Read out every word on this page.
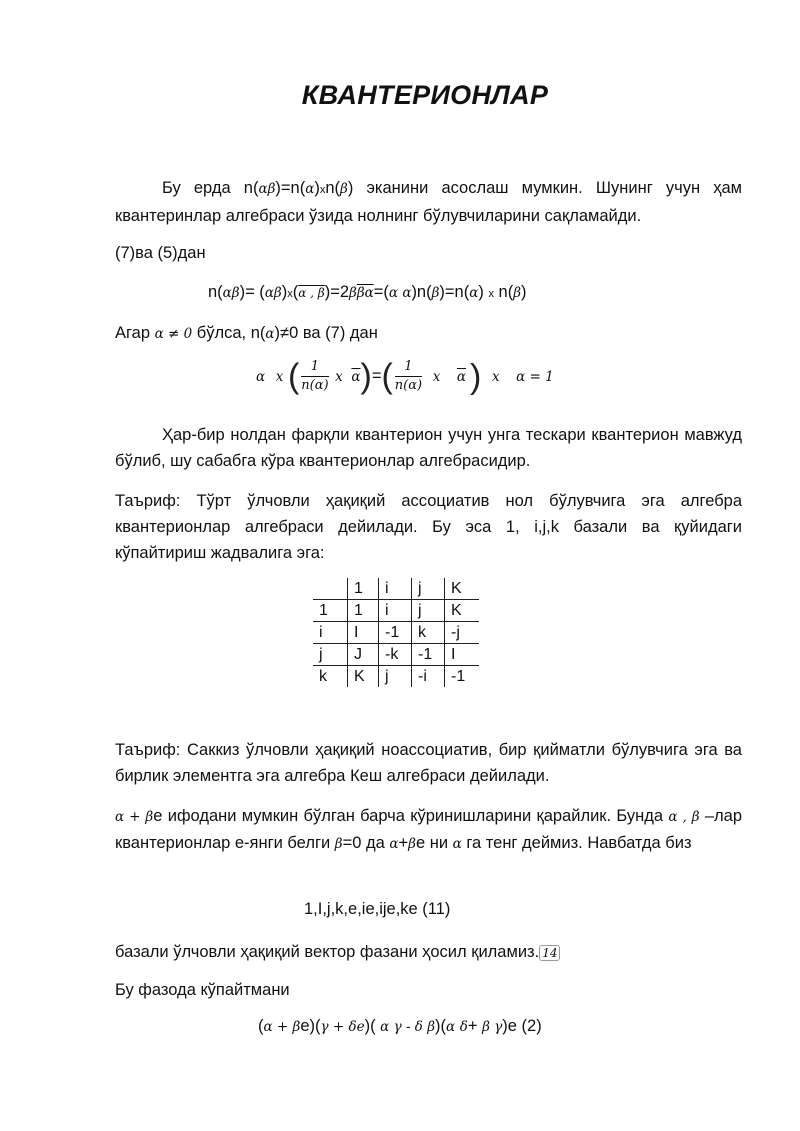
КВАНТЕРИОНЛАР
Бу ерда n(αβ)=n(α)xn(β) эканини асослаш мумкин. Шунинг учун ҳам квантеринлар алгебраси ўзида нолнинг бўлувчиларини сақламайди.
(7)ва (5)дан
n(αβ)= (αβ)x(α , $\beta)=2\beta\overline{\beta\alpha}=(\alpha$ α)n(β)=n(α) x n(β)
Агар α ≠ 0 бўлса, n(α)≠0 ва (7) дан
α x ( $\frac{1}{n(\alpha)}$ x $\overline{\alpha})=( \frac{1}{n(\alpha)}$ x $\overline{\alpha}$ ) x α = 1
Ҳар-бир нолдан фарқли квантерион учун унга тескари квантерион мавжуд бўлиб, шу сабабга кўра квантерионлар алгебрасидир.
Таъриф: Тўрт ўлчовли ҳақиқий ассоциатив нол бўлувчига эга алгебра квантерионлар алгебраси дейилади. Бу эса 1, i,j,k базали ва қуйидаги кўпайтириш жадвалига эга:
	1	i	j	K
1	1	i	j	K
i	I	-1	k	-j
j	J	-k	-1	I
k	K	j	-i	-1
Таъриф: Саккиз ўлчовли ҳақиқий ноассоциатив, бир қийматли бўлувчига эга ва бирлик элементга эга алгебра Кеш алгебраси дейилади.
α + βе ифодани мумкин бўлган барча кўринишларини қарайлик. Бунда α , β –лар квантерионлар е-янги белги β=0 да α+βе ни α га тенг деймиз. Навбатда биз
1,I,j,k,e,ie,ije,ke (11)
базали ўлчовли ҳақиқий вектор фазани ҳосил қиламиз. 14
Бу фазода кўпайтмани
(α + βе)(γ + δe)( α γ - δ β)(α δ+ β γ)е (2)
